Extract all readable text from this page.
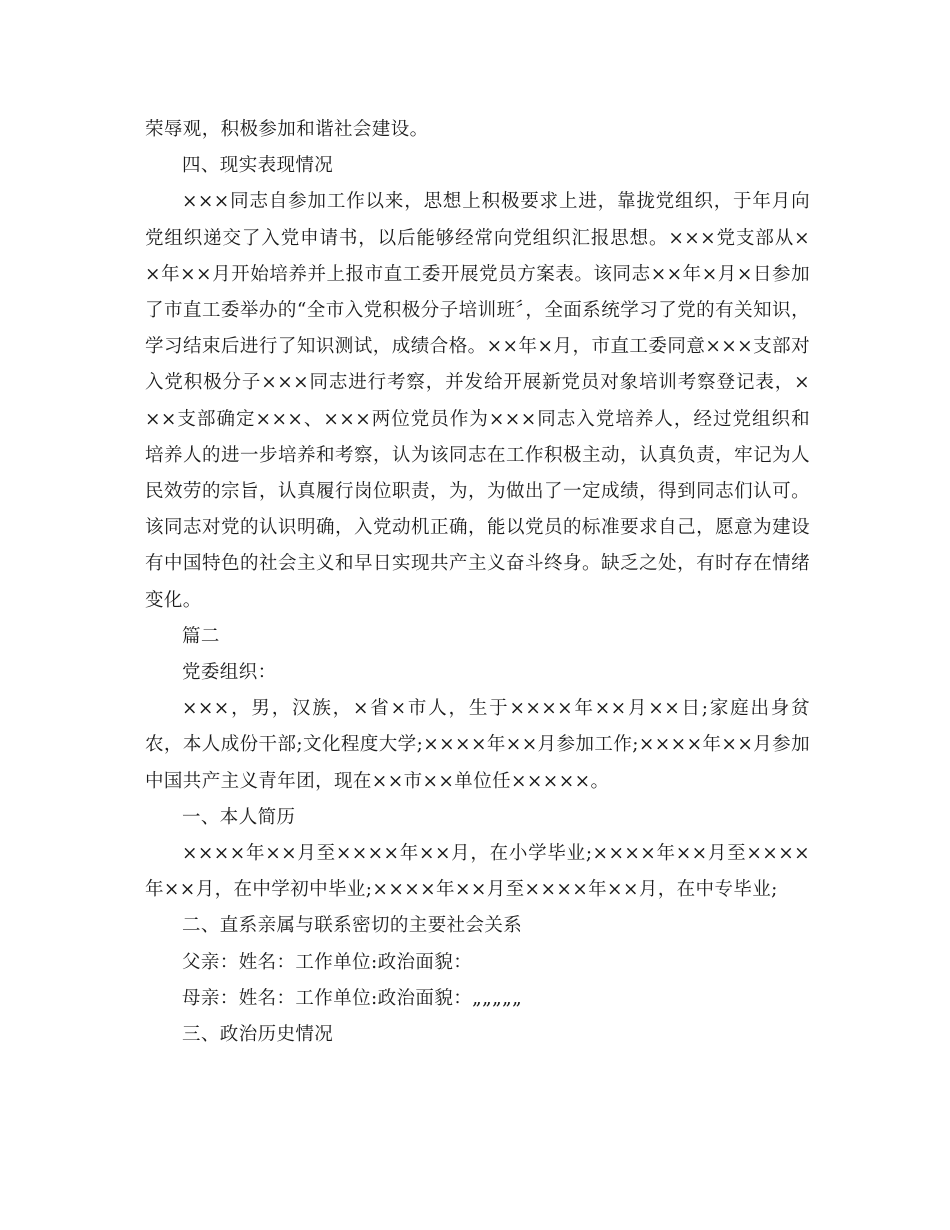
荣辱观，积极参加和谐社会建设。

四、现实表现情况

×××同志自参加工作以来，思想上积极要求上进，靠拢党组织，于年月向党组织递交了入党申请书，以后能够经常向党组织汇报思想。×××党支部从××年××月开始培养并上报市直工委开展党员方案表。该同志××年×月×日参加了市直工委举办的“全市入党积极分子培训班〞，全面系统学习了党的有关知识，学习结束后进行了知识测试，成绩合格。××年×月，市直工委同意×××支部对入党积极分子×××同志进行考察，并发给开展新党员对象培训考察登记表，×××支部确定×××、×××两位党员作为×××同志入党培养人，经过党组织和培养人的进一步培养和考察，认为该同志在工作积极主动，认真负责，牢记为人民效劳的宗旨，认真履行岗位职责，为，为做出了一定成绩，得到同志们认可。该同志对党的认识明确，入党动机正确，能以党员的标准要求自己，愿意为建设有中国特色的社会主义和早日实现共产主义奋斗终身。缺乏之处，有时存在情绪变化。

篇二

党委组织：

×××，男，汉族，×省×市人，生于××××年××月××日;家庭出身贫农，本人成份干部;文化程度大学;××××年××月参加工作;××××年××月参加中国共产主义青年团，现在××市××单位任×××××。

一、本人简历

××××年××月至××××年××月，在小学毕业;××××年××月至××××年××月，在中学初中毕业;××××年××月至××××年××月，在中专毕业;

二、直系亲属与联系密切的主要社会关系

父亲：姓名：工作单位:政治面貌：

母亲：姓名：工作单位:政治面貌：„„„„„

三、政治历史情况
